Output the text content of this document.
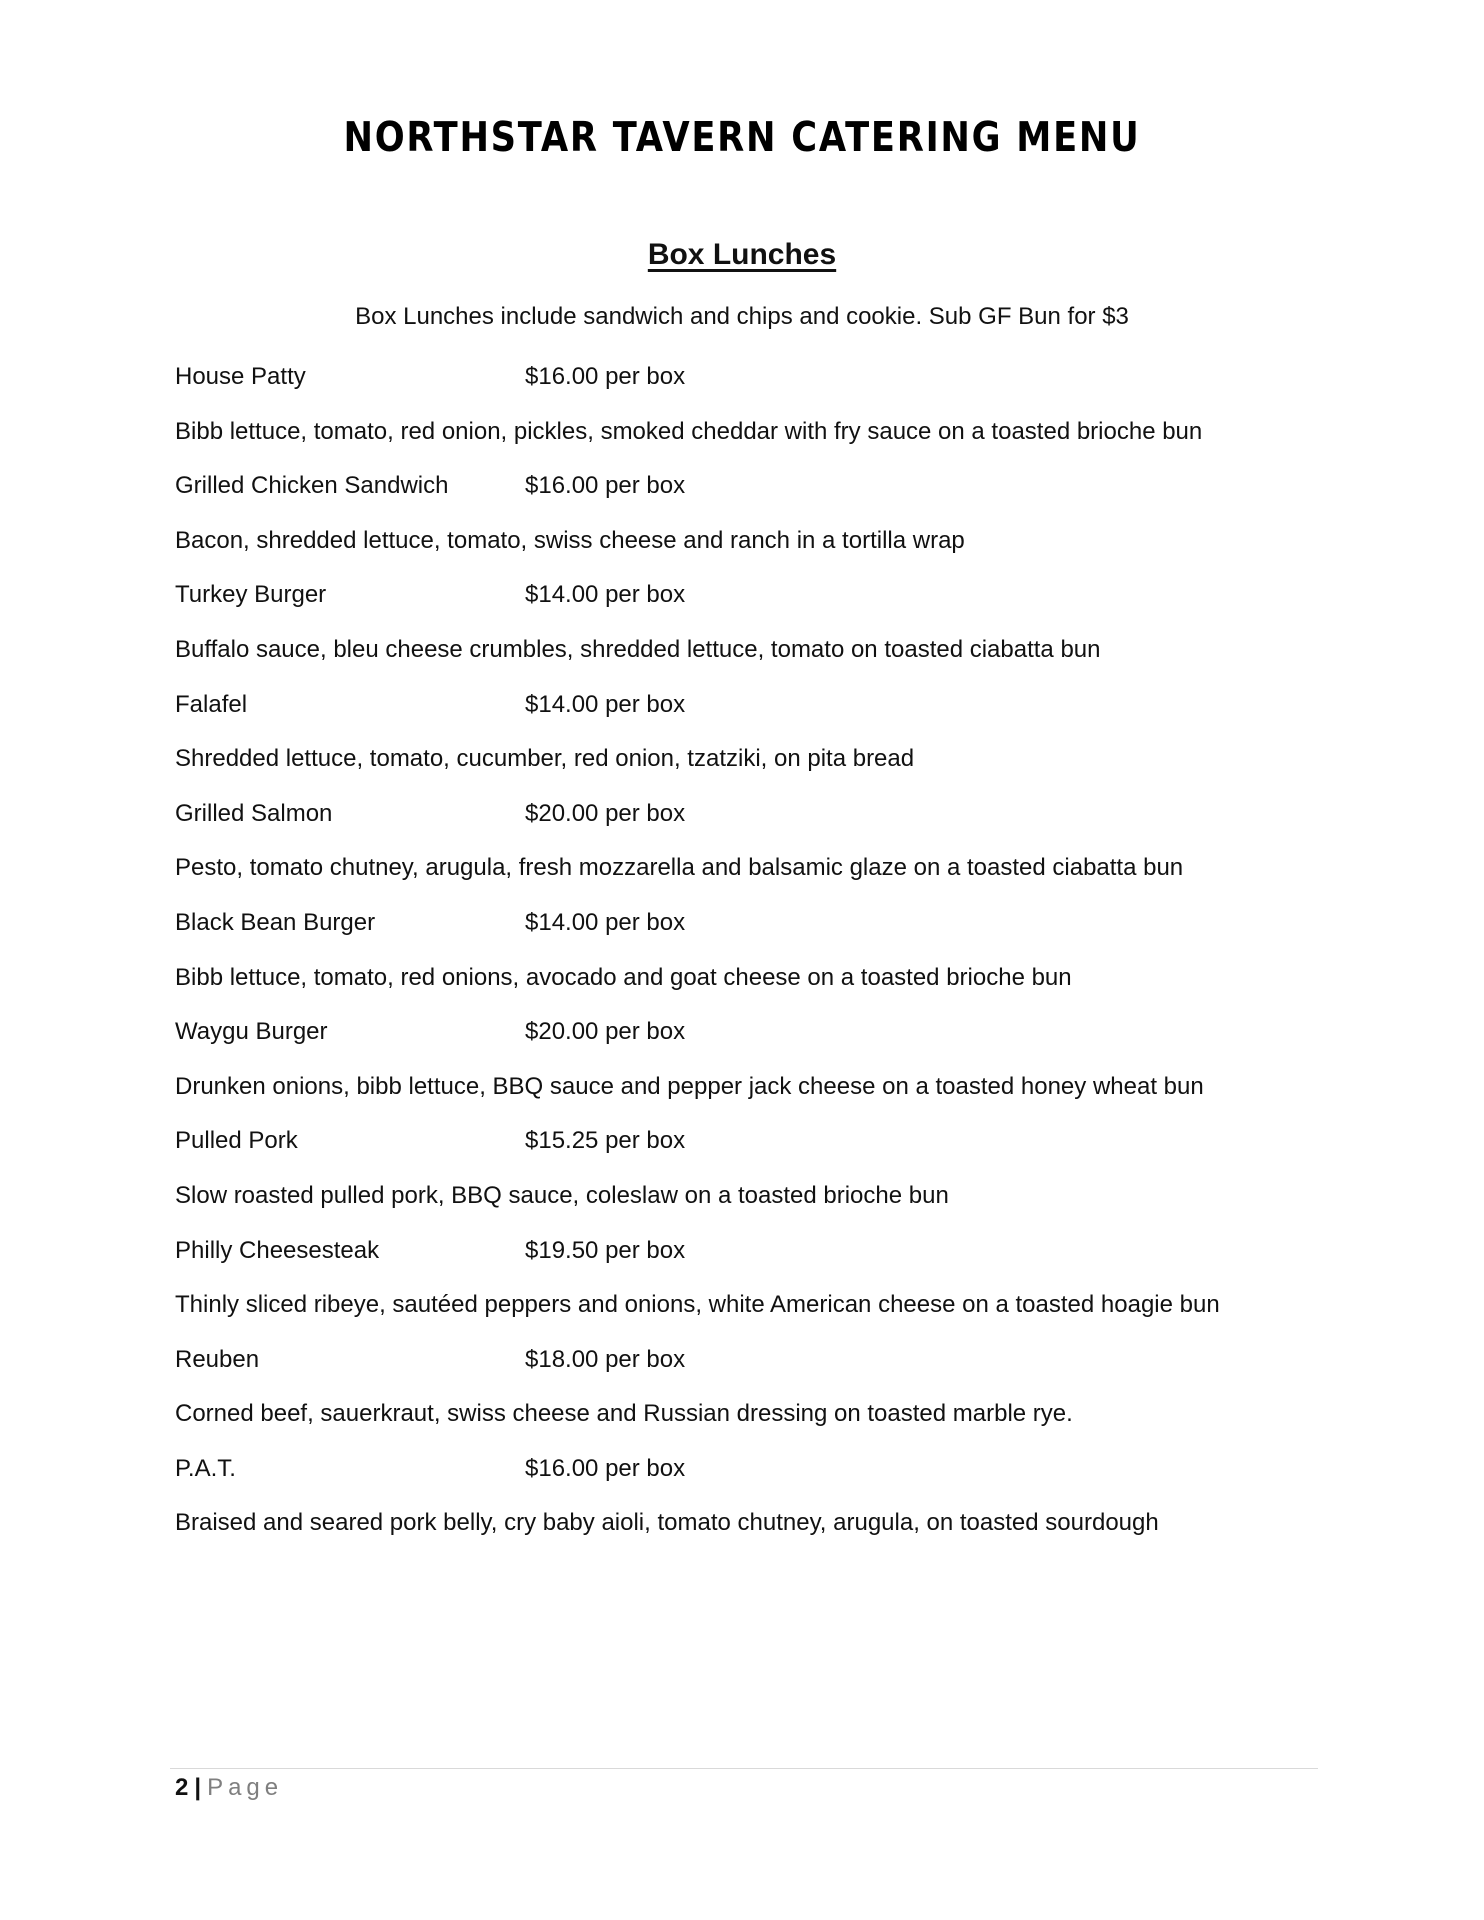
NORTHSTAR TAVERN CATERING MENU
Box Lunches
Box Lunches include sandwich and chips and cookie. Sub GF Bun for $3
House Patty	$16.00 per box
Bibb lettuce, tomato, red onion, pickles, smoked cheddar with fry sauce on a toasted brioche bun
Grilled Chicken Sandwich	$16.00 per box
Bacon, shredded lettuce, tomato, swiss cheese and ranch in a tortilla wrap
Turkey Burger	$14.00 per box
Buffalo sauce, bleu cheese crumbles, shredded lettuce, tomato on toasted ciabatta bun
Falafel	$14.00 per box
Shredded lettuce, tomato, cucumber, red onion, tzatziki, on pita bread
Grilled Salmon	$20.00 per box
Pesto, tomato chutney, arugula, fresh mozzarella and balsamic glaze on a toasted ciabatta bun
Black Bean Burger	$14.00 per box
Bibb lettuce, tomato, red onions, avocado and goat cheese on a toasted brioche bun
Waygu Burger	$20.00 per box
Drunken onions, bibb lettuce, BBQ sauce and pepper jack cheese on a toasted honey wheat bun
Pulled Pork	$15.25 per box
Slow roasted pulled pork, BBQ sauce, coleslaw on a toasted brioche bun
Philly Cheesesteak	$19.50 per box
Thinly sliced ribeye, sautéed peppers and onions, white American cheese on a toasted hoagie bun
Reuben	$18.00 per box
Corned beef, sauerkraut, swiss cheese and Russian dressing on toasted marble rye.
P.A.T.	$16.00 per box
Braised and seared pork belly, cry baby aioli, tomato chutney, arugula, on toasted sourdough
2 | Page
